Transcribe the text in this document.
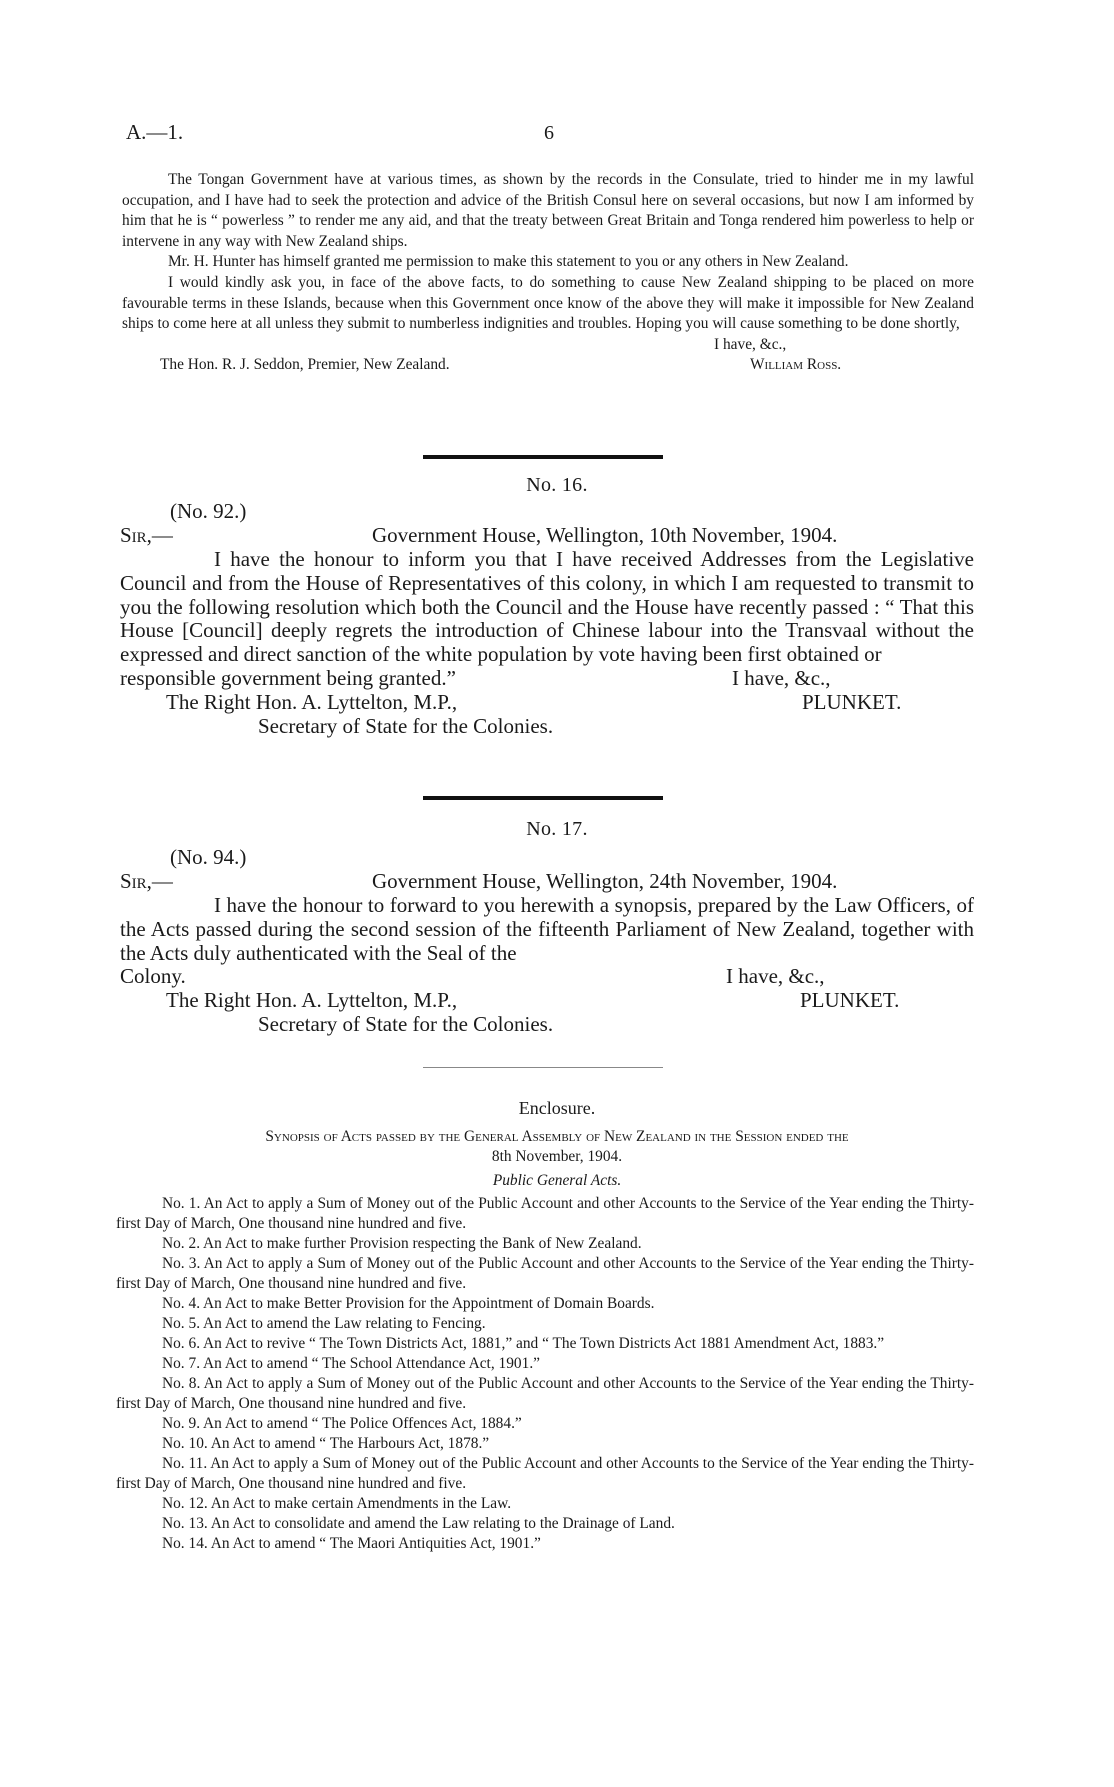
A.—1.	6

The Tongan Government have at various times, as shown by the records in the Consulate, tried to hinder me in my lawful occupation, and I have had to seek the protection and advice of the British Consul here on several occasions, but now I am informed by him that he is “ powerless ” to render me any aid, and that the treaty between Great Britain and Tonga rendered him powerless to help or intervene in any way with New Zealand ships.

Mr. H. Hunter has himself granted me permission to make this statement to you or any others in New Zealand.

I would kindly ask you, in face of the above facts, to do something to cause New Zealand shipping to be placed on more favourable terms in these Islands, because when this Government once know of the above they will make it impossible for New Zealand ships to come here at all unless they submit to numberless indignities and troubles. Hoping you will cause something to be done shortly,

I have, &c.,
The Hon. R. J. Seddon, Premier, New Zealand.	William Ross.
No. 16.
(No. 92.)
Sir,—	Government House, Wellington, 10th November, 1904.

I have the honour to inform you that I have received Addresses from the Legislative Council and from the House of Representatives of this colony, in which I am requested to transmit to you the following resolution which both the Council and the House have recently passed : “ That this House [Council] deeply regrets the introduction of Chinese labour into the Transvaal without the expressed and direct sanction of the white population by vote having been first obtained or

responsible government being granted.”	I have, &c.,
The Right Hon. A. Lyttelton, M.P.,	PLUNKET.
Secretary of State for the Colonies.
No. 17.
(No. 94.)
Sir,—	Government House, Wellington, 24th November, 1904.

I have the honour to forward to you herewith a synopsis, prepared by the Law Officers, of the Acts passed during the second session of the fifteenth Parliament of New Zealand, together with the Acts duly authenticated with the Seal of the

Colony.	I have, &c.,
The Right Hon. A. Lyttelton, M.P.,	PLUNKET.
Secretary of State for the Colonies.
Enclosure.
Synopsis of Acts passed by the General Assembly of New Zealand in the Session ended the
8th November, 1904.
Public General Acts.

No. 1. An Act to apply a Sum of Money out of the Public Account and other Accounts to the Service of the Year ending the Thirty-first Day of March, One thousand nine hundred and five.

No. 2. An Act to make further Provision respecting the Bank of New Zealand.

No. 3. An Act to apply a Sum of Money out of the Public Account and other Accounts to the Service of the Year ending the Thirty-first Day of March, One thousand nine hundred and five.

No. 4. An Act to make Better Provision for the Appointment of Domain Boards.

No. 5. An Act to amend the Law relating to Fencing.

No. 6. An Act to revive “ The Town Districts Act, 1881,” and “ The Town Districts Act 1881 Amendment Act, 1883.”

No. 7. An Act to amend “ The School Attendance Act, 1901.”

No. 8. An Act to apply a Sum of Money out of the Public Account and other Accounts to the Service of the Year ending the Thirty-first Day of March, One thousand nine hundred and five.

No. 9. An Act to amend “ The Police Offences Act, 1884.”

No. 10. An Act to amend “ The Harbours Act, 1878.”

No. 11. An Act to apply a Sum of Money out of the Public Account and other Accounts to the Service of the Year ending the Thirty-first Day of March, One thousand nine hundred and five.

No. 12. An Act to make certain Amendments in the Law.

No. 13. An Act to consolidate and amend the Law relating to the Drainage of Land.

No. 14. An Act to amend “ The Maori Antiquities Act, 1901.”
